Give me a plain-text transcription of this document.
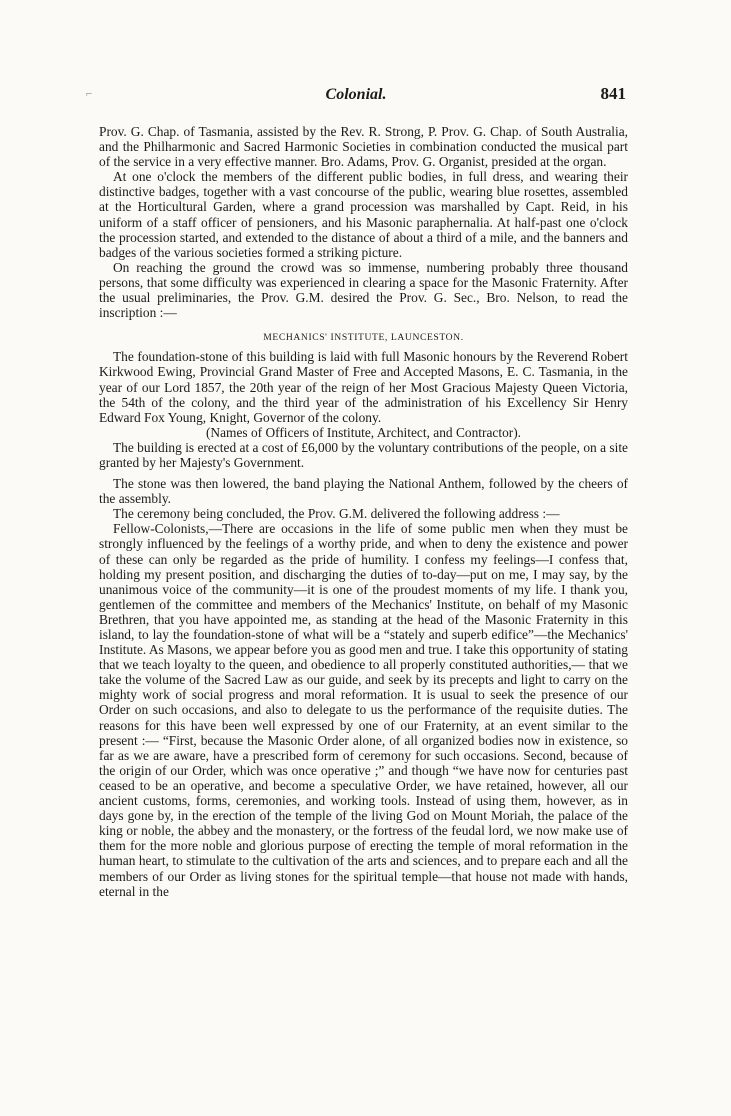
⌐	Colonial.	841

Prov. G. Chap. of Tasmania, assisted by the Rev. R. Strong, P. Prov. G. Chap. of South Australia, and the Philharmonic and Sacred Harmonic Societies in combination conducted the musical part of the service in a very effective manner. Bro. Adams, Prov. G. Organist, presided at the organ.

At one o'clock the members of the different public bodies, in full dress, and wearing their distinctive badges, together with a vast concourse of the public, wearing blue rosettes, assembled at the Horticultural Garden, where a grand procession was marshalled by Capt. Reid, in his uniform of a staff officer of pensioners, and his Masonic paraphernalia. At half-past one o'clock the procession started, and extended to the distance of about a third of a mile, and the banners and badges of the various societies formed a striking picture.

On reaching the ground the crowd was so immense, numbering probably three thousand persons, that some difficulty was experienced in clearing a space for the Masonic Fraternity. After the usual preliminaries, the Prov. G.M. desired the Prov. G. Sec., Bro. Nelson, to read the inscription :—

MECHANICS' INSTITUTE, LAUNCESTON.

The foundation-stone of this building is laid with full Masonic honours by the Reverend Robert Kirkwood Ewing, Provincial Grand Master of Free and Accepted Masons, E. C. Tasmania, in the year of our Lord 1857, the 20th year of the reign of her Most Gracious Majesty Queen Victoria, the 54th of the colony, and the third year of the administration of his Excellency Sir Henry Edward Fox Young, Knight, Governor of the colony.

(Names of Officers of Institute, Architect, and Contractor).

The building is erected at a cost of £6,000 by the voluntary contributions of the people, on a site granted by her Majesty's Government.

The stone was then lowered, the band playing the National Anthem, followed by the cheers of the assembly.

The ceremony being concluded, the Prov. G.M. delivered the following address :—

Fellow-Colonists,—There are occasions in the life of some public men when they must be strongly influenced by the feelings of a worthy pride, and when to deny the existence and power of these can only be regarded as the pride of humility. I confess my feelings—I confess that, holding my present position, and discharging the duties of to-day—put on me, I may say, by the unanimous voice of the community—it is one of the proudest moments of my life. I thank you, gentlemen of the committee and members of the Mechanics' Institute, on behalf of my Masonic Brethren, that you have appointed me, as standing at the head of the Masonic Fraternity in this island, to lay the foundation-stone of what will be a “stately and superb edifice”—the Mechanics' Institute. As Masons, we appear before you as good men and true. I take this opportunity of stating that we teach loyalty to the queen, and obedience to all properly constituted authorities,— that we take the volume of the Sacred Law as our guide, and seek by its precepts and light to carry on the mighty work of social progress and moral reformation. It is usual to seek the presence of our Order on such occasions, and also to delegate to us the performance of the requisite duties. The reasons for this have been well expressed by one of our Fraternity, at an event similar to the present :— “First, because the Masonic Order alone, of all organized bodies now in existence, so far as we are aware, have a prescribed form of ceremony for such occasions. Second, because of the origin of our Order, which was once operative ;” and though “we have now for centuries past ceased to be an operative, and become a speculative Order, we have retained, however, all our ancient customs, forms, ceremonies, and working tools. Instead of using them, however, as in days gone by, in the erection of the temple of the living God on Mount Moriah, the palace of the king or noble, the abbey and the monastery, or the fortress of the feudal lord, we now make use of them for the more noble and glorious purpose of erecting the temple of moral reformation in the human heart, to stimulate to the cultivation of the arts and sciences, and to prepare each and all the members of our Order as living stones for the spiritual temple—that house not made with hands, eternal in the
